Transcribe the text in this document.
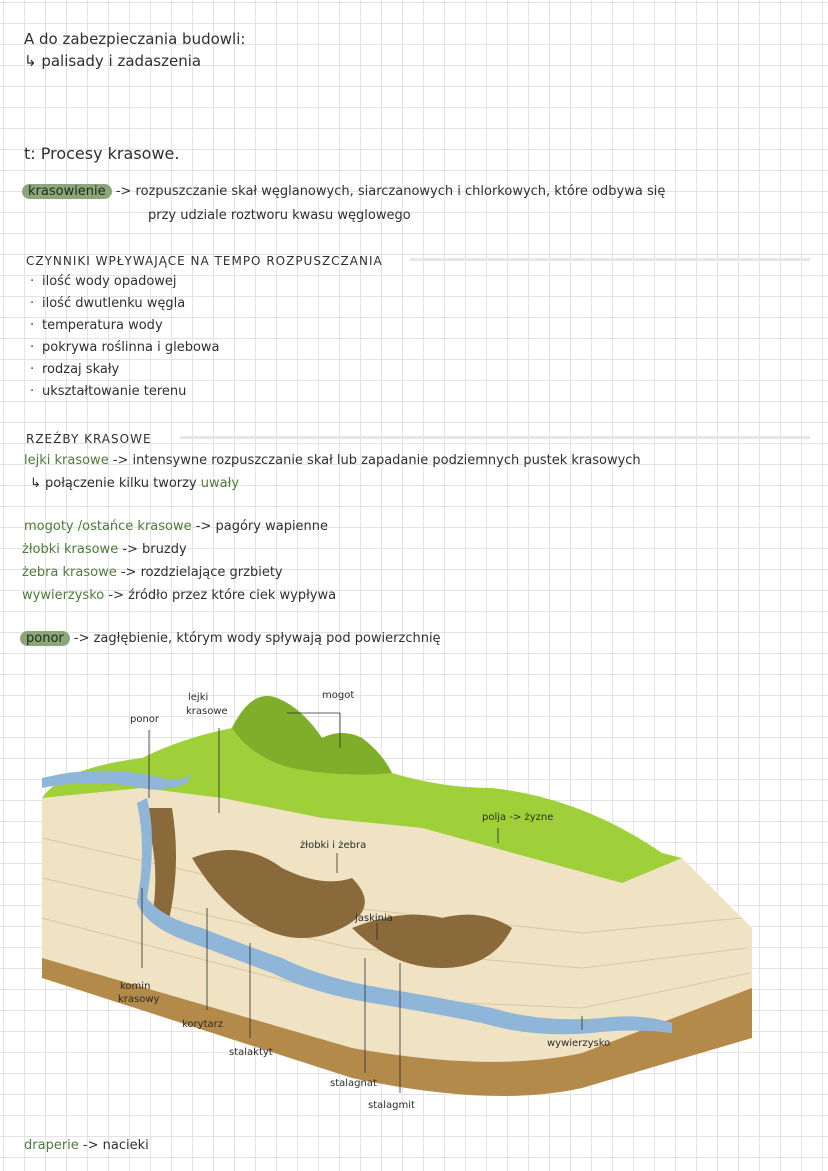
A do zabezpieczania budowli:
↳ palisady i zadaszenia
t: Procesy krasowe.
krasowienie -> rozpuszczanie skał węglanowych, siarczanowych i chlorkowych, które odbywa się
przy udziale roztworu kwasu węglowego
CZYNNIKI WPŁYWAJĄCE NA TEMPO ROZPUSZCZANIA
· ilość wody opadowej
· ilość dwutlenku węgla
· temperatura wody
· pokrywa roślinna i glebowa
· rodzaj skały
· ukształtowanie terenu
RZEŹBY KRASOWE
lejki krasowe -> intensywne rozpuszczanie skał lub zapadanie podziemnych pustek krasowych
↳ połączenie kilku tworzy uwały
mogoty /ostańce krasowe -> pagóry wapienne
żłobki krasowe -> bruzdy
żebra krasowe -> rozdzielające grzbiety
wywierzysko -> źródło przez które ciek wypływa
ponor -> zagłębienie, którym wody spływają pod powierzchnię
ponor
lejki
krasowe
mogot
polja -> żyzne
żłobki i żebra
jaskinia
komin
krasowy
korytarz
stalaktyt
stalagnat
stalagmit
wywierzysko
draperie -> nacieki
